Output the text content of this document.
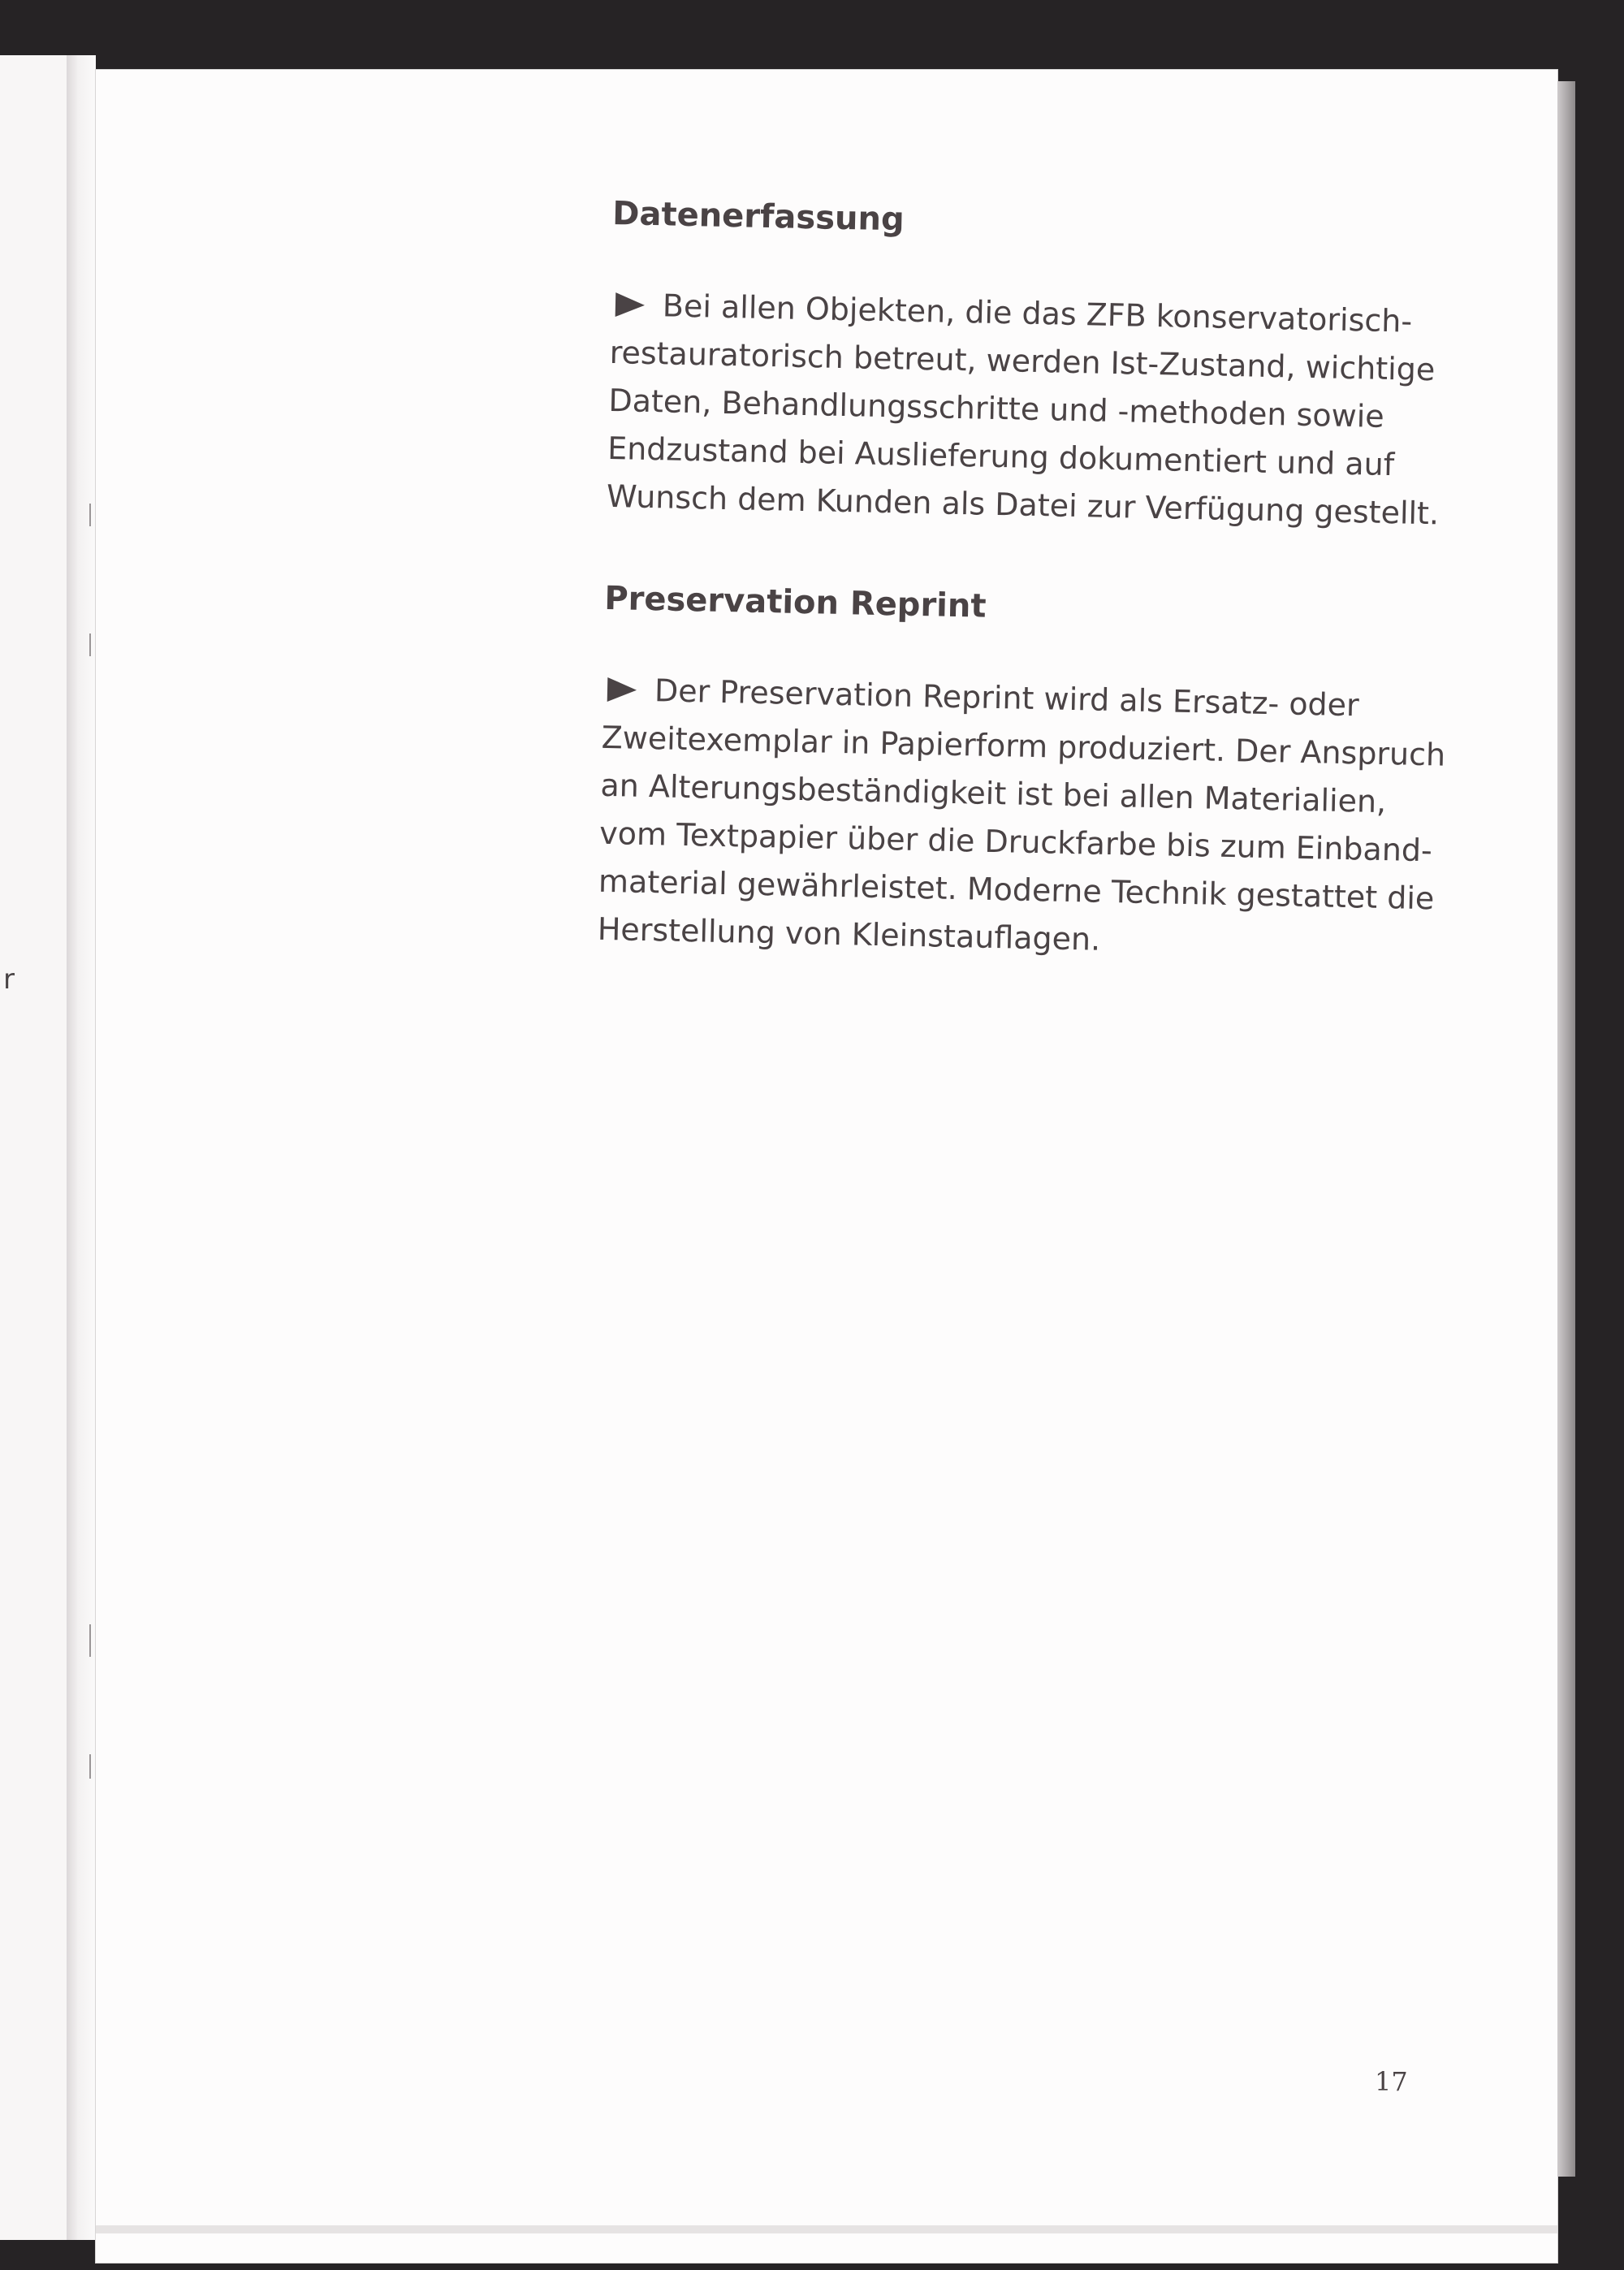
r
Datenerfassung
Bei allen Objekten, die das ZFB konservatorisch-restauratorisch betreut, werden Ist-Zustand, wichtige Daten, Behandlungsschritte und -methoden sowie Endzustand bei Auslieferung dokumentiert und auf Wunsch dem Kunden als Datei zur Verfügung gestellt.
Preservation Reprint
Der Preservation Reprint wird als Ersatz- oder Zweitexemplar in Papierform produziert. Der Anspruch an Alterungsbeständigkeit ist bei allen Materialien, vom Textpapier über die Druckfarbe bis zum Einband-material gewährleistet. Moderne Technik gestattet die Herstellung von Kleinstauflagen.
17
